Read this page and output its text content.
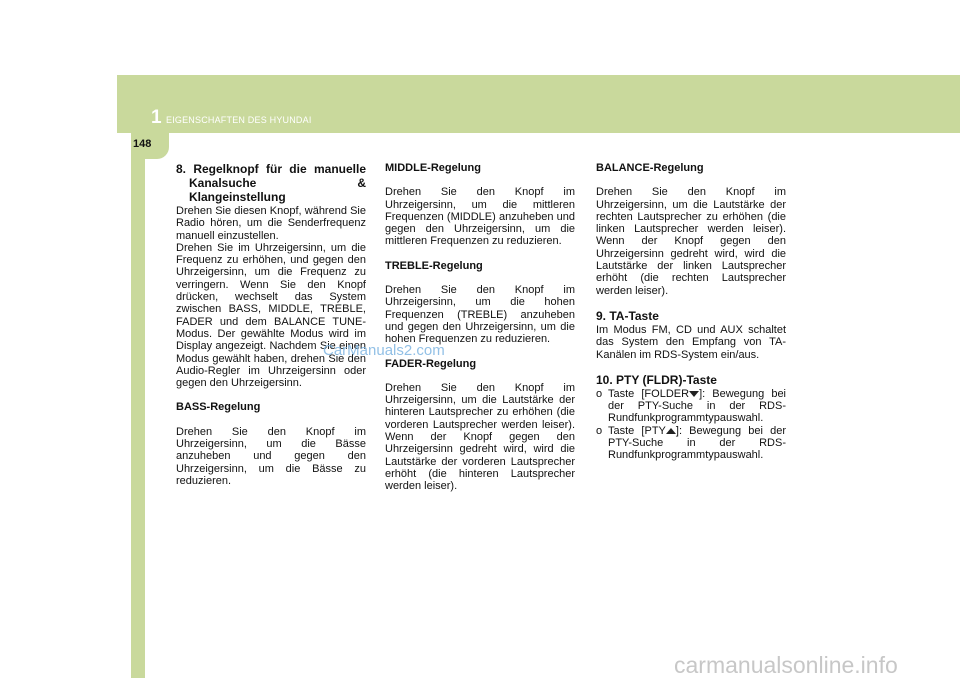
1 EIGENSCHAFTEN DES HYUNDAI
148
8. Regelknopf für die manuelle Kanalsuche & Klangeinstellung

Drehen Sie diesen Knopf, während Sie Radio hören, um die Senderfrequenz manuell einzustellen.

Drehen Sie im Uhrzeigersinn, um die Frequenz zu erhöhen, und gegen den Uhrzeigersinn, um die Frequenz zu verringern. Wenn Sie den Knopf drücken, wechselt das System zwischen BASS, MIDDLE, TREBLE, FADER und dem BALANCE TUNE-Modus. Der gewählte Modus wird im Display angezeigt. Nachdem Sie einen Modus gewählt haben, drehen Sie den Audio-Regler im Uhrzeigersinn oder gegen den Uhrzeigersinn.

BASS-Regelung

Drehen Sie den Knopf im Uhrzeigersinn, um die Bässe anzuheben und gegen den Uhrzeigersinn, um die Bässe zu reduzieren.

MIDDLE-Regelung

Drehen Sie den Knopf im Uhrzeigersinn, um die mittleren Frequenzen (MIDDLE) anzuheben und gegen den Uhrzeigersinn, um die mittleren Frequenzen zu reduzieren.

TREBLE-Regelung

Drehen Sie den Knopf im Uhrzeigersinn, um die hohen Frequenzen (TREBLE) anzuheben und gegen den Uhrzeigersinn, um die hohen Frequenzen zu reduzieren.

FADER-Regelung

Drehen Sie den Knopf im Uhrzeigersinn, um die Lautstärke der hinteren Lautsprecher zu erhöhen (die vorderen Lautsprecher werden leiser). Wenn der Knopf gegen den Uhrzeigersinn gedreht wird, wird die Lautstärke der vorderen Lautsprecher erhöht (die hinteren Lautsprecher werden leiser).

BALANCE-Regelung

Drehen Sie den Knopf im Uhrzeigersinn, um die Lautstärke der rechten Lautsprecher zu erhöhen (die linken Lautsprecher werden leiser). Wenn der Knopf gegen den Uhrzeigersinn gedreht wird, wird die Lautstärke der linken Lautsprecher erhöht (die rechten Lautsprecher werden leiser).

9. TA-Taste

Im Modus FM, CD und AUX schaltet das System den Empfang von TA-Kanälen im RDS-System ein/aus.

10. PTY (FLDR)-Taste
o Taste [FOLDER ]: Bewegung bei der PTY-Suche in der RDS-Rundfunkprogrammtypauswahl.
o Taste [PTY ]: Bewegung bei der PTY-Suche in der RDS-Rundfunkprogrammtypauswahl.
CarManuals2.com
carmanualsonline.info
